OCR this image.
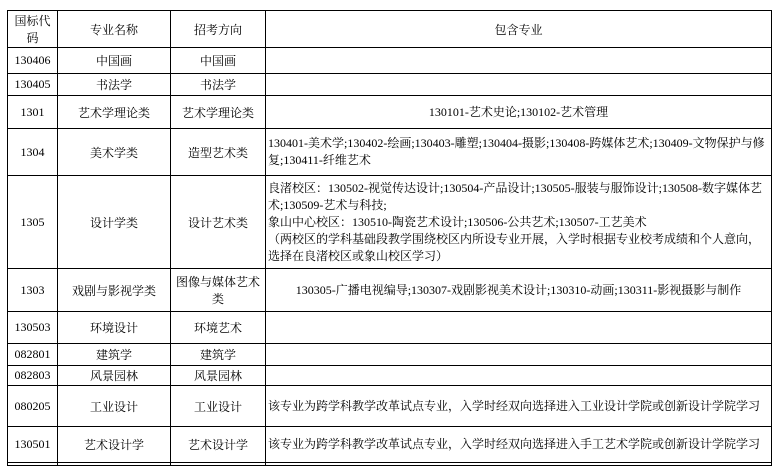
国标代码	专业名称	招考方向	包含专业
130406	中国画	中国画	
130405	书法学	书法学	
1301	艺术学理论类	艺术学理论类	130101-艺术史论;130102-艺术管理

1304	美术学类	造型艺术类	130401-美术学;130402-绘画;130403-雕塑;130404-摄影;130408-跨媒体艺术;130409-文物保护与修复;130411-纤维艺术

1305	设计学类	设计艺术类	良渚校区：130502-视觉传达设计;130504-产品设计;130505-服装与服饰设计;130508-数字媒体艺术;130509-艺术与科技;
象山中心校区：130510-陶瓷艺术设计;130506-公共艺术;130507-工艺美术
（两校区的学科基础段教学围绕校区内所设专业开展，入学时根据专业校考成绩和个人意向，选择在良渚校区或象山校区学习）

1303	戏剧与影视学类	图像与媒体艺术类	130305-广播电视编导;130307-戏剧影视美术设计;130310-动画;130311-影视摄影与制作

130503	环境设计	环境艺术	
082801	建筑学	建筑学	
082803	风景园林	风景园林	
080205	工业设计	工业设计	该专业为跨学科教学改革试点专业，入学时经双向选择进入工业设计学院或创新设计学院学习

130501	艺术设计学	艺术设计学	该专业为跨学科教学改革试点专业，入学时经双向选择进入手工艺术学院或创新设计学院学习
